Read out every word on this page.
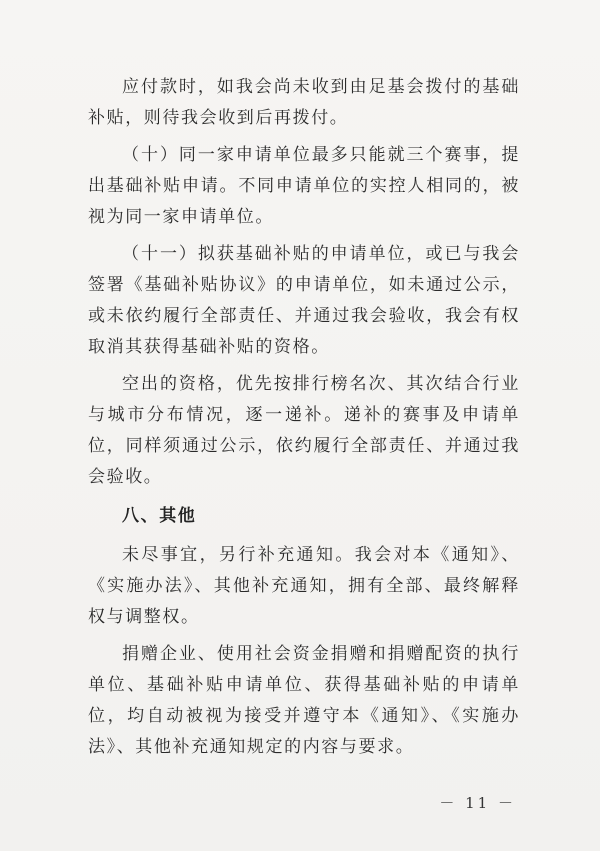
应付款时，如我会尚未收到由足基会拨付的基础补贴，则待我会收到后再拨付。

（十）同一家申请单位最多只能就三个赛事，提出基础补贴申请。不同申请单位的实控人相同的，被视为同一家申请单位。

（十一）拟获基础补贴的申请单位，或已与我会签署《基础补贴协议》的申请单位，如未通过公示，或未依约履行全部责任、并通过我会验收，我会有权取消其获得基础补贴的资格。

空出的资格，优先按排行榜名次、其次结合行业与城市分布情况，逐一递补。递补的赛事及申请单位，同样须通过公示，依约履行全部责任、并通过我会验收。

八、其他

未尽事宜，另行补充通知。我会对本《通知》、《实施办法》、其他补充通知，拥有全部、最终解释权与调整权。

捐赠企业、使用社会资金捐赠和捐赠配资的执行单位、基础补贴申请单位、获得基础补贴的申请单位，均自动被视为接受并遵守本《通知》、《实施办法》、其他补充通知规定的内容与要求。

－ 11 －
